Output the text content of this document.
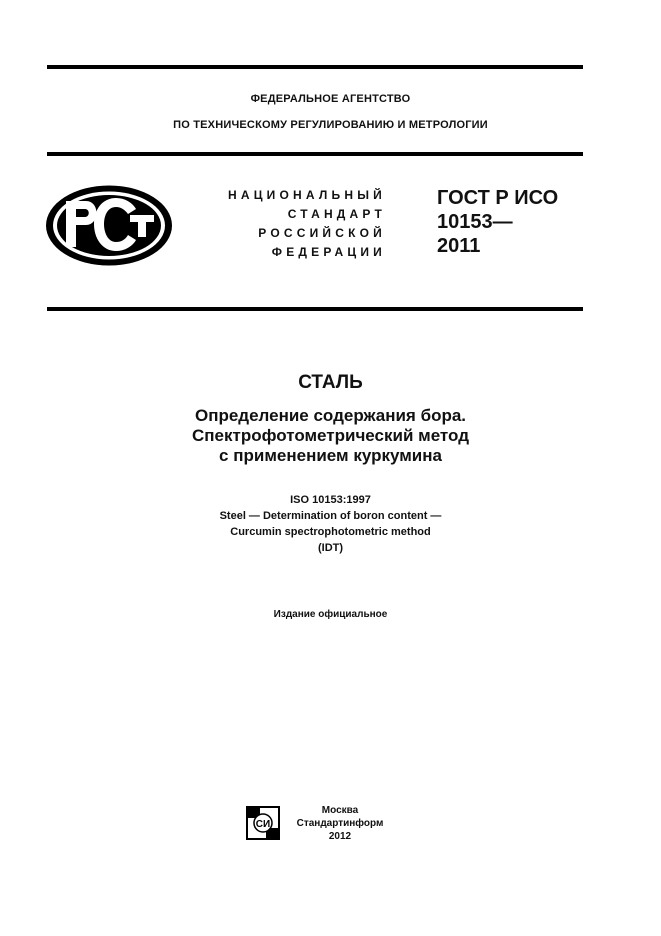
ФЕДЕРАЛЬНОЕ АГЕНТСТВО
ПО ТЕХНИЧЕСКОМУ РЕГУЛИРОВАНИЮ И МЕТРОЛОГИИ
НАЦИОНАЛЬНЫЙ
СТАНДАРТ
РОССИЙСКОЙ
ФЕДЕРАЦИИ
ГОСТ Р ИСО
10153—
2011
СТАЛЬ
Определение содержания бора.
Спектрофотометрический метод
с применением куркумина
ISO 10153:1997
Steel — Determination of boron content —
Curcumin spectrophotometric method
(IDT)
Издание официальное
СИ
Москва
Стандартинформ
2012
